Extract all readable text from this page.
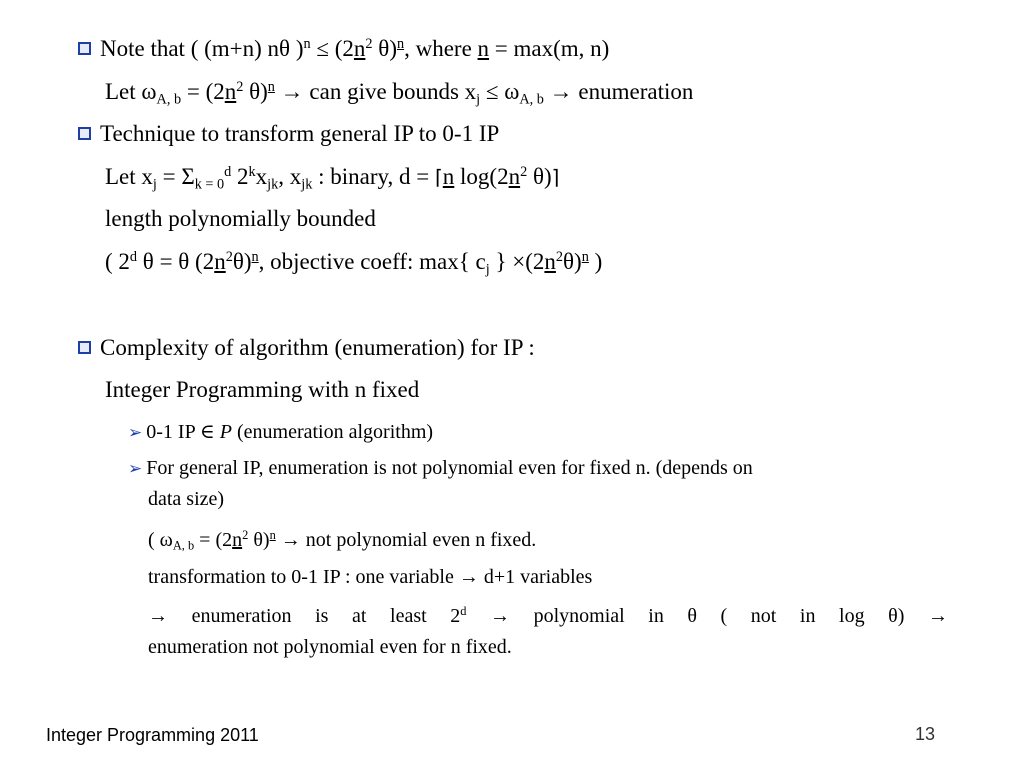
Note that ( (m+n) nθ )$^n \le (2n^2$ θ)$^n$, where n = max(m, n)
Let $\omega_{A, b} = (2n^2$ θ)$^n$ → can give bounds $x_j \le \omega_{A, b}$ → enumeration
Technique to transform general IP to 0-1 IP
Let $x_j = \Sigma_{k = 0}^d$ $2^kx_{jk}$, $x_{jk}$ : binary, d = ⌈n $\log(2n^2$ θ)⌉
length polynomially bounded
( 2$^d$ θ = θ $(2n^2\theta)^n$, objective coeff: max{ $c_j$ } $\times(2n^2\theta)^n$ )
Complexity of algorithm (enumeration) for IP :
Integer Programming with n fixed
➢ 0-1 IP ∈ P (enumeration algorithm)
➢ For general IP, enumeration is not polynomial even for fixed n. (depends on
data size)
( $\omega_{A, b} = (2n^2$ θ)$^n$ → not polynomial even n fixed.
transformation to 0-1 IP : one variable → d+1 variables
→ enumeration is at least $2^d$ → polynomial in θ ( not in log θ) →
enumeration not polynomial even for n fixed.
Integer Programming 2011	13
